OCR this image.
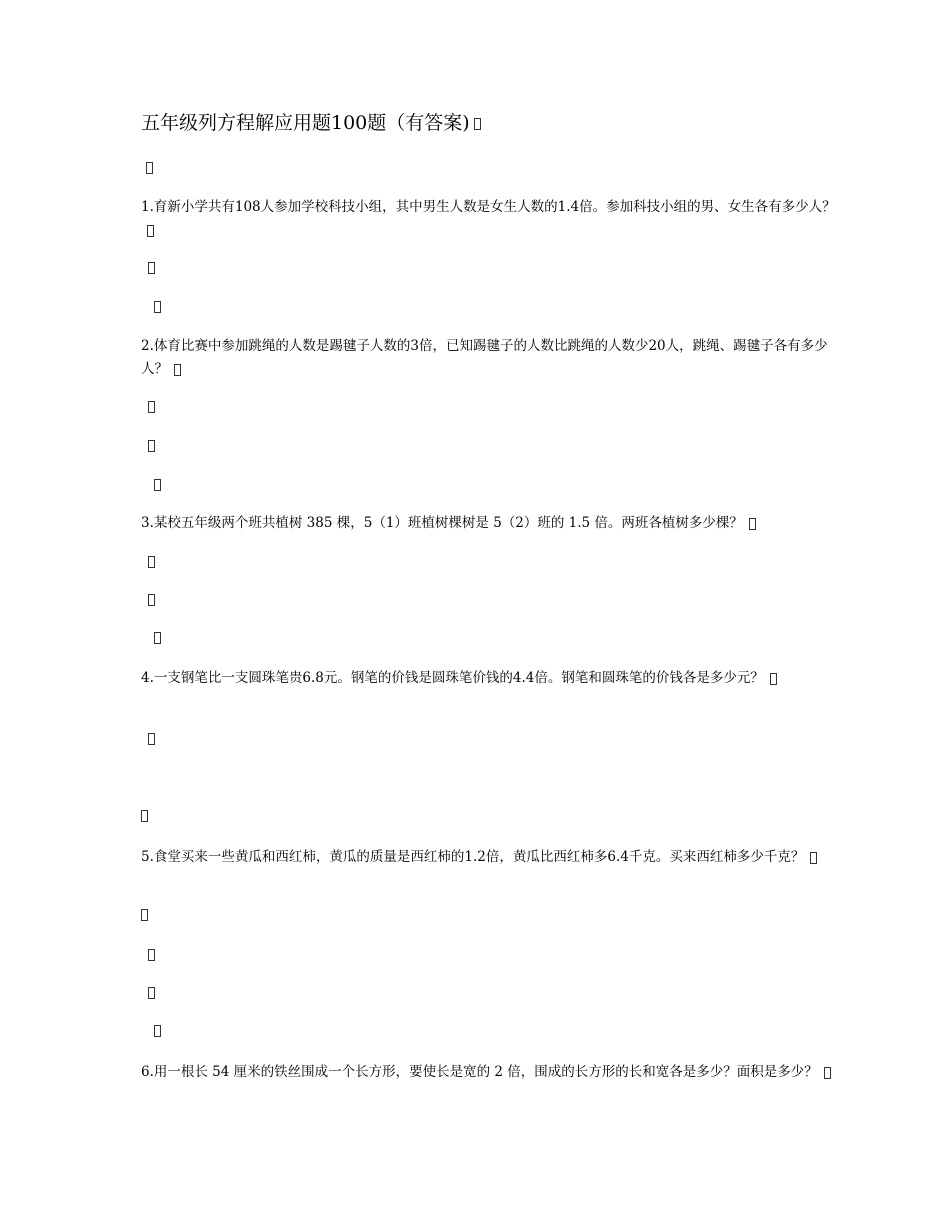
五年级列方程解应用题100题（有答案)
1.育新小学共有108人参加学校科技小组，其中男生人数是女生人数的1.4倍。参加科技小组的男、女生各有多少人？
2.体育比赛中参加跳绳的人数是踢毽子人数的3倍，已知踢毽子的人数比跳绳的人数少20人，跳绳、踢毽子各有多少人？
3.某校五年级两个班共植树 385 棵，5（1）班植树棵树是 5（2）班的 1.5 倍。两班各植树多少棵？
4.一支钢笔比一支圆珠笔贵6.8元。钢笔的价钱是圆珠笔价钱的4.4倍。钢笔和圆珠笔的价钱各是多少元？
5.食堂买来一些黄瓜和西红柿，黄瓜的质量是西红柿的1.2倍，黄瓜比西红柿多6.4千克。买来西红柿多少千克？
6.用一根长 54 厘米的铁丝围成一个长方形，要使长是宽的 2 倍，围成的长方形的长和宽各是多少？面积是多少？
